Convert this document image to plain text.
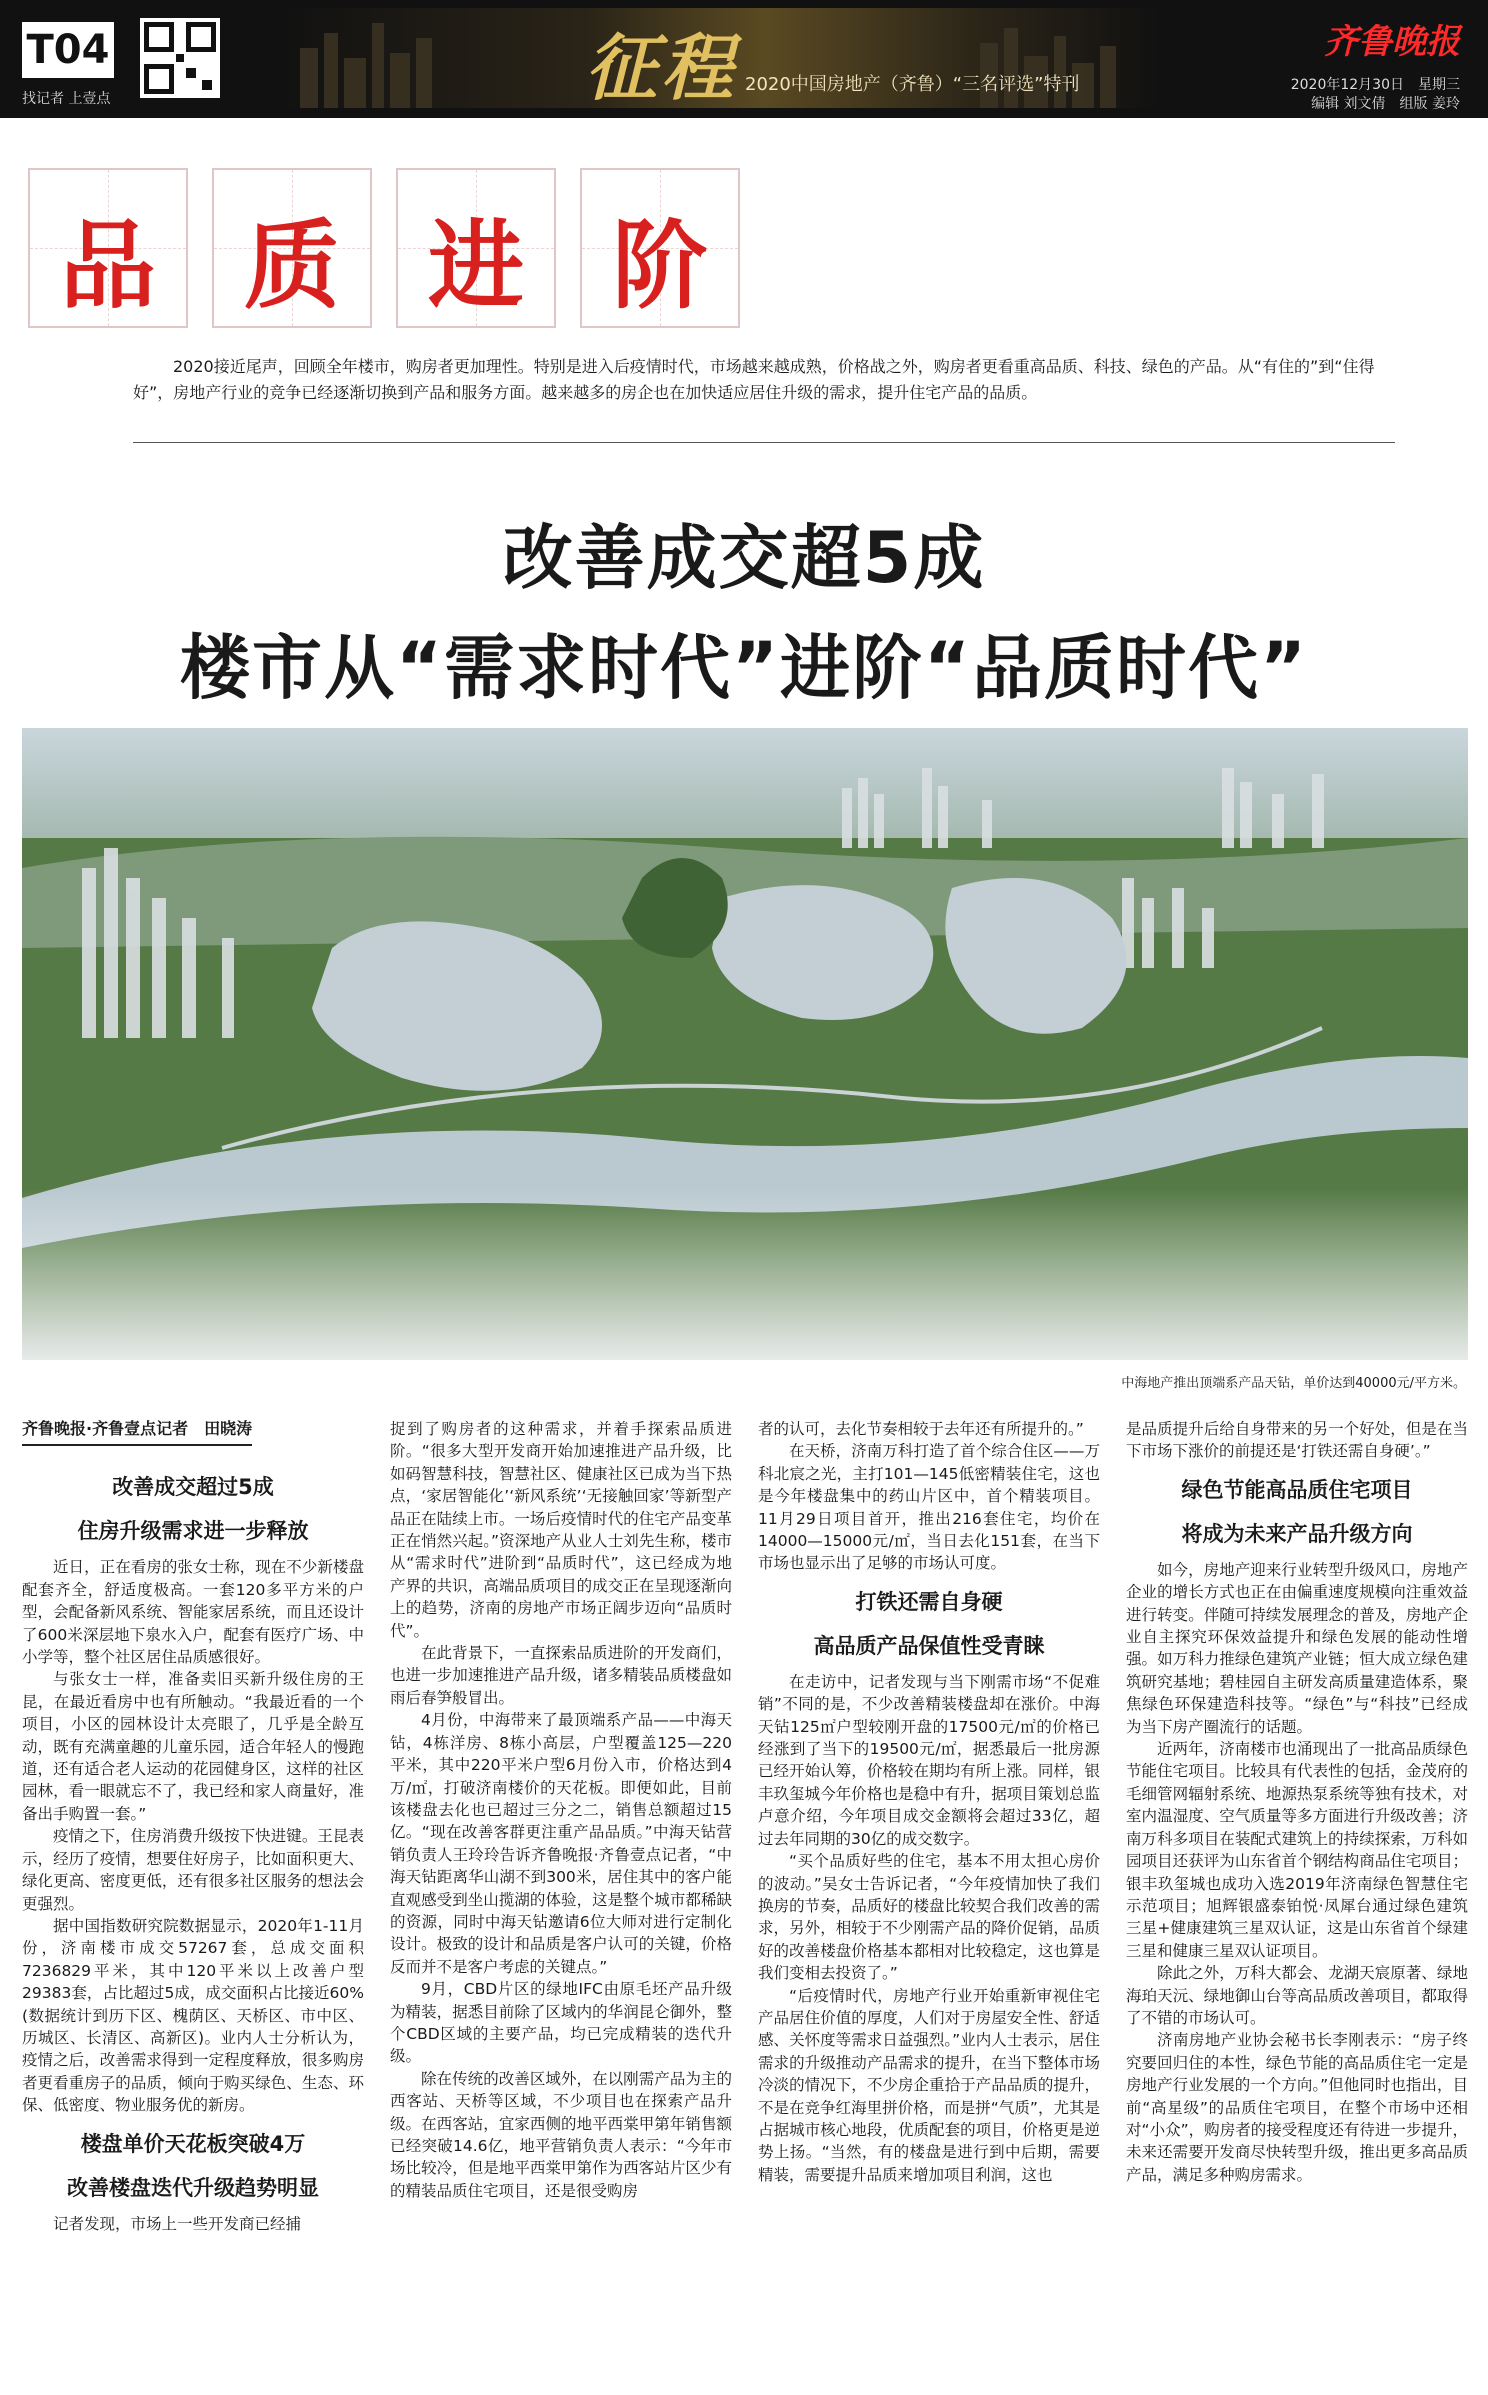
T04
找记者 上壹点	征程 2020中国房地产（齐鲁）“三名评选”特刊
齐鲁晚报
2020年12月30日　星期三
编辑 刘文倩　组版 姜玲
品 质 进 阶
2020接近尾声，回顾全年楼市，购房者更加理性。特别是进入后疫情时代，市场越来越成熟，价格战之外，购房者更看重高品质、科技、绿色的产品。从“有住的”到“住得好”，房地产行业的竞争已经逐渐切换到产品和服务方面。越来越多的房企也在加快适应居住升级的需求，提升住宅产品的品质。
改善成交超5成
楼市从“需求时代”进阶“品质时代”
中海地产推出顶端系产品天钻，单价达到40000元/平方米。
齐鲁晚报·齐鲁壹点记者　田晓涛
改善成交超过5成
住房升级需求进一步释放
近日，正在看房的张女士称，现在不少新楼盘配套齐全，舒适度极高。一套120多平方米的户型，会配备新风系统、智能家居系统，而且还设计了600米深层地下泉水入户，配套有医疗广场、中小学等，整个社区居住品质感很好。
与张女士一样，准备卖旧买新升级住房的王昆，在最近看房中也有所触动。“我最近看的一个项目，小区的园林设计太亮眼了，几乎是全龄互动，既有充满童趣的儿童乐园，适合年轻人的慢跑道，还有适合老人运动的花园健身区，这样的社区园林，看一眼就忘不了，我已经和家人商量好，准备出手购置一套。”
疫情之下，住房消费升级按下快进键。王昆表示，经历了疫情，想要住好房子，比如面积更大、绿化更高、密度更低，还有很多社区服务的想法会更强烈。
据中国指数研究院数据显示，2020年1-11月份，济南楼市成交57267套，总成交面积7236829平米，其中120平米以上改善户型29383套，占比超过5成，成交面积占比接近60%(数据统计到历下区、槐荫区、天桥区、市中区、历城区、长清区、高新区)。业内人士分析认为，疫情之后，改善需求得到一定程度释放，很多购房者更看重房子的品质，倾向于购买绿色、生态、环保、低密度、物业服务优的新房。
楼盘单价天花板突破4万
改善楼盘迭代升级趋势明显
记者发现，市场上一些开发商已经捕
捉到了购房者的这种需求，并着手探索品质进阶。“很多大型开发商开始加速推进产品升级，比如码智慧科技，智慧社区、健康社区已成为当下热点，‘家居智能化’‘新风系统’‘无接触回家’等新型产品正在陆续上市。一场后疫情时代的住宅产品变革正在悄然兴起。”资深地产从业人士刘先生称，楼市从“需求时代”进阶到“品质时代”，这已经成为地产界的共识，高端品质项目的成交正在呈现逐渐向上的趋势，济南的房地产市场正阔步迈向“品质时代”。
在此背景下，一直探索品质进阶的开发商们，也进一步加速推进产品升级，诸多精装品质楼盘如雨后春笋般冒出。
4月份，中海带来了最顶端系产品——中海天钻，4栋洋房、8栋小高层，户型覆盖125—220平米，其中220平米户型6月份入市，价格达到4万/㎡，打破济南楼价的天花板。即便如此，目前该楼盘去化也已超过三分之二，销售总额超过15亿。“现在改善客群更注重产品品质。”中海天钻营销负责人王玲玲告诉齐鲁晚报·齐鲁壹点记者，“中海天钻距离华山湖不到300米，居住其中的客户能直观感受到坐山揽湖的体验，这是整个城市都稀缺的资源，同时中海天钻邀请6位大师对进行定制化设计。极致的设计和品质是客户认可的关键，价格反而并不是客户考虑的关键点。”
9月，CBD片区的绿地IFC由原毛坯产品升级为精装，据悉目前除了区域内的华润昆仑御外，整个CBD区域的主要产品，均已完成精装的迭代升级。
除在传统的改善区域外，在以刚需产品为主的西客站、天桥等区域，不少项目也在探索产品升级。在西客站，宜家西侧的地平西棠甲第年销售额已经突破14.6亿，地平营销负责人表示：“今年市场比较冷，但是地平西棠甲第作为西客站片区少有的精装品质住宅项目，还是很受购房
者的认可，去化节奏相较于去年还有所提升的。”
在天桥，济南万科打造了首个综合住区——万科北宸之光，主打101—145低密精装住宅，这也是今年楼盘集中的药山片区中，首个精装项目。11月29日项目首开，推出216套住宅，均价在14000—15000元/㎡，当日去化151套，在当下市场也显示出了足够的市场认可度。
打铁还需自身硬
高品质产品保值性受青睐
在走访中，记者发现与当下刚需市场“不促难销”不同的是，不少改善精装楼盘却在涨价。中海天钻125㎡户型较刚开盘的17500元/㎡的价格已经涨到了当下的19500元/㎡，据悉最后一批房源已经开始认筹，价格较在期均有所上涨。同样，银丰玖玺城今年价格也是稳中有升，据项目策划总监卢意介绍，今年项目成交金额将会超过33亿，超过去年同期的30亿的成交数字。
“买个品质好些的住宅，基本不用太担心房价的波动。”吴女士告诉记者，“今年疫情加快了我们换房的节奏，品质好的楼盘比较契合我们改善的需求，另外，相较于不少刚需产品的降价促销，品质好的改善楼盘价格基本都相对比较稳定，这也算是我们变相去投资了。”
“后疫情时代，房地产行业开始重新审视住宅产品居住价值的厚度，人们对于房屋安全性、舒适感、关怀度等需求日益强烈。”业内人士表示，居住需求的升级推动产品需求的提升，在当下整体市场冷淡的情况下，不少房企重拾于产品品质的提升，不是在竞争红海里拼价格，而是拼“气质”，尤其是占据城市核心地段，优质配套的项目，价格更是逆势上扬。“当然，有的楼盘是进行到中后期，需要精装，需要提升品质来增加项目利润，这也
是品质提升后给自身带来的另一个好处，但是在当下市场下涨价的前提还是‘打铁还需自身硬’。”
绿色节能高品质住宅项目
将成为未来产品升级方向
如今，房地产迎来行业转型升级风口，房地产企业的增长方式也正在由偏重速度规模向注重效益进行转变。伴随可持续发展理念的普及，房地产企业自主探究环保效益提升和绿色发展的能动性增强。如万科力推绿色建筑产业链；恒大成立绿色建筑研究基地；碧桂园自主研发高质量建造体系，聚焦绿色环保建造科技等。“绿色”与“科技”已经成为当下房产圈流行的话题。
近两年，济南楼市也涌现出了一批高品质绿色节能住宅项目。比较具有代表性的包括，金茂府的毛细管网辐射系统、地源热泵系统等独有技术，对室内温湿度、空气质量等多方面进行升级改善；济南万科多项目在装配式建筑上的持续探索，万科如园项目还获评为山东省首个钢结构商品住宅项目；银丰玖玺城也成功入选2019年济南绿色智慧住宅示范项目；旭辉银盛泰铂悦·凤犀台通过绿色建筑三星+健康建筑三星双认证，这是山东省首个绿建三星和健康三星双认证项目。
除此之外，万科大都会、龙湖天宸原著、绿地海珀天沅、绿地御山台等高品质改善项目，都取得了不错的市场认可。
济南房地产业协会秘书长李刚表示：“房子终究要回归住的本性，绿色节能的高品质住宅一定是房地产行业发展的一个方向。”但他同时也指出，目前“高星级”的品质住宅项目，在整个市场中还相对“小众”，购房者的接受程度还有待进一步提升，未来还需要开发商尽快转型升级，推出更多高品质产品，满足多种购房需求。
